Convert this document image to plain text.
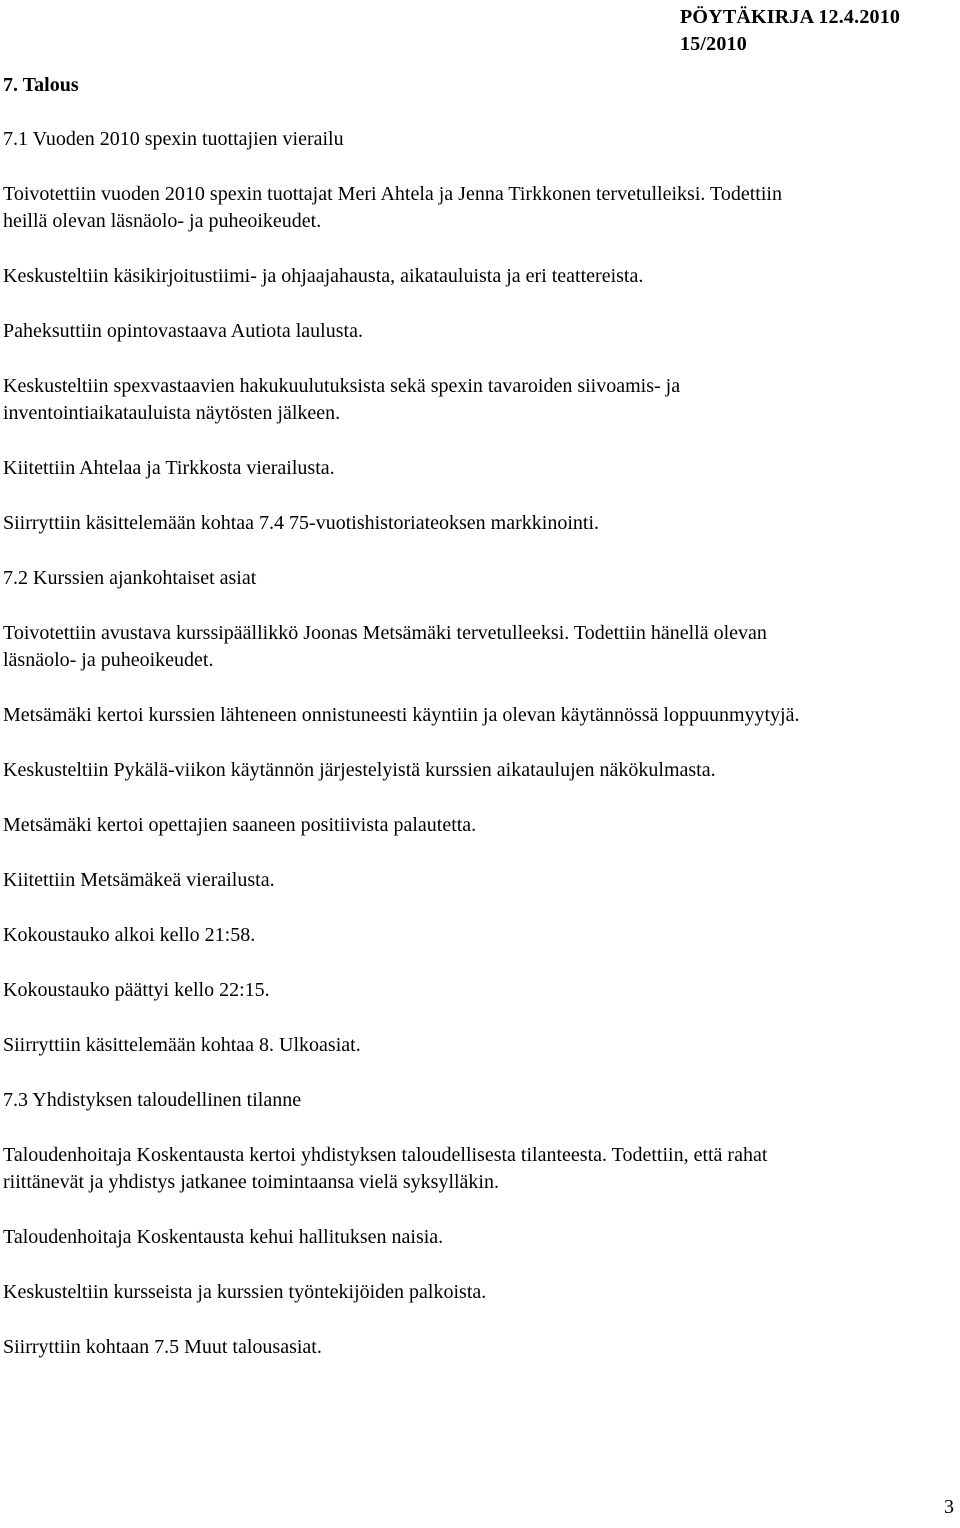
PÖYTÄKIRJA 12.4.2010
15/2010

7. Talous

7.1 Vuoden 2010 spexin tuottajien vierailu

Toivotettiin vuoden 2010 spexin tuottajat Meri Ahtela ja Jenna Tirkkonen tervetulleiksi. Todettiin
heillä olevan läsnäolo- ja puheoikeudet.

Keskusteltiin käsikirjoitustiimi- ja ohjaajahausta, aikatauluista ja eri teattereista.

Paheksuttiin opintovastaava Autiota laulusta.

Keskusteltiin spexvastaavien hakukuulutuksista sekä spexin tavaroiden siivoamis- ja
inventointiaikatauluista näytösten jälkeen.

Kiitettiin Ahtelaa ja Tirkkosta vierailusta.

Siirryttiin käsittelemään kohtaa 7.4 75-vuotishistoriateoksen markkinointi.

7.2 Kurssien ajankohtaiset asiat

Toivotettiin avustava kurssipäällikkö Joonas Metsämäki tervetulleeksi. Todettiin hänellä olevan
läsnäolo- ja puheoikeudet.

Metsämäki kertoi kurssien lähteneen onnistuneesti käyntiin ja olevan käytännössä loppuunmyytyjä.

Keskusteltiin Pykälä-viikon käytännön järjestelyistä kurssien aikataulujen näkökulmasta.

Metsämäki kertoi opettajien saaneen positiivista palautetta.

Kiitettiin Metsämäkeä vierailusta.

Kokoustauko alkoi kello 21:58.

Kokoustauko päättyi kello 22:15.

Siirryttiin käsittelemään kohtaa 8. Ulkoasiat.

7.3 Yhdistyksen taloudellinen tilanne

Taloudenhoitaja Koskentausta kertoi yhdistyksen taloudellisesta tilanteesta. Todettiin, että rahat
riittänevät ja yhdistys jatkanee toimintaansa vielä syksylläkin.

Taloudenhoitaja Koskentausta kehui hallituksen naisia.

Keskusteltiin kursseista ja kurssien työntekijöiden palkoista.

Siirryttiin kohtaan 7.5 Muut talousasiat.

3
